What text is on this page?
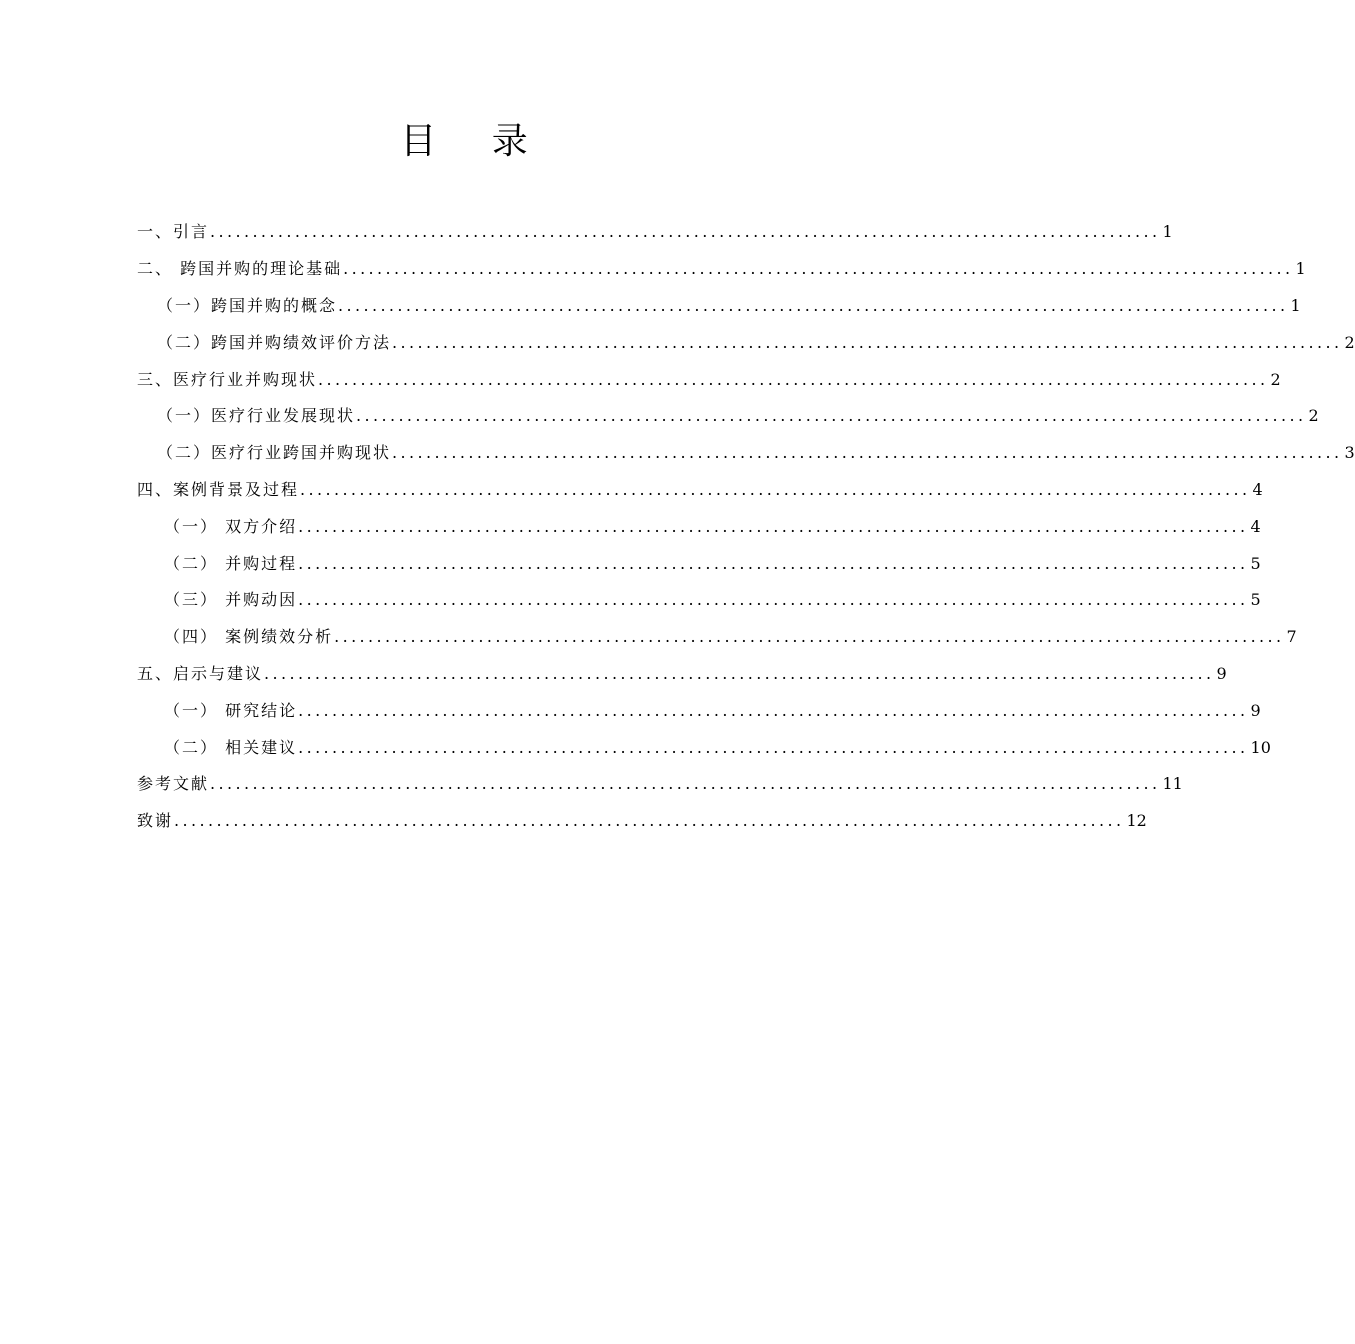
目 录
一、引言 ................................................................................................................ 1
二、 跨国并购的理论基础 ................................................................................................................ 1
（一）跨国并购的概念 ................................................................................................................ 1
（二）跨国并购绩效评价方法 ................................................................................................................ 2
三、医疗行业并购现状 ................................................................................................................ 2
（一）医疗行业发展现状 ................................................................................................................ 2
（二）医疗行业跨国并购现状 ................................................................................................................ 3
四、案例背景及过程 ................................................................................................................ 4
（一） 双方介绍 ................................................................................................................ 4
（二） 并购过程 ................................................................................................................ 5
（三） 并购动因 ................................................................................................................ 5
（四） 案例绩效分析 ................................................................................................................ 7
五、启示与建议 ................................................................................................................ 9
（一） 研究结论 ................................................................................................................ 9
（二） 相关建议 ................................................................................................................ 10
参考文献 ................................................................................................................ 11
致谢 ................................................................................................................ 12
